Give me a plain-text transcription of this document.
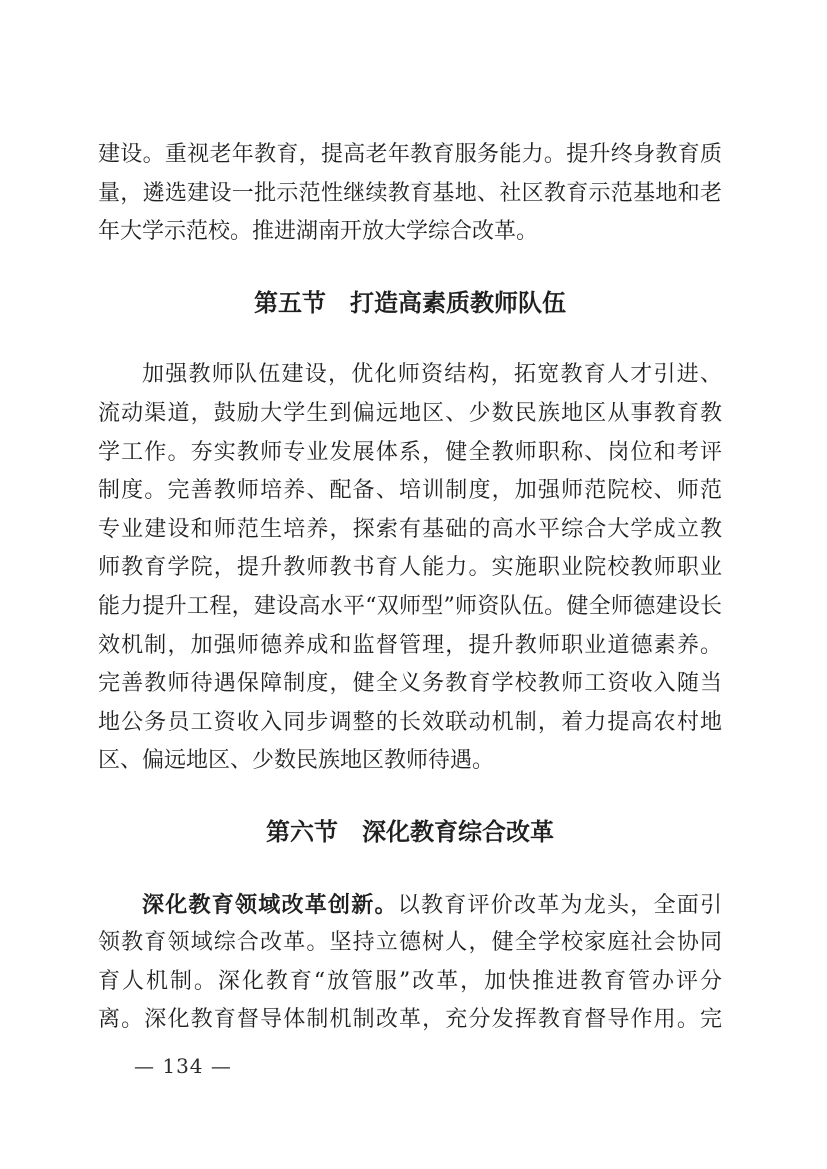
建设。重视老年教育，提高老年教育服务能力。提升终身教育质
量，遴选建设一批示范性继续教育基地、社区教育示范基地和老
年大学示范校。推进湖南开放大学综合改革。
第五节　打造高素质教师队伍
加强教师队伍建设，优化师资结构，拓宽教育人才引进、
流动渠道，鼓励大学生到偏远地区、少数民族地区从事教育教
学工作。夯实教师专业发展体系，健全教师职称、岗位和考评
制度。完善教师培养、配备、培训制度，加强师范院校、师范
专业建设和师范生培养，探索有基础的高水平综合大学成立教
师教育学院，提升教师教书育人能力。实施职业院校教师职业
能力提升工程，建设高水平“双师型”师资队伍。健全师德建设长
效机制，加强师德养成和监督管理，提升教师职业道德素养。
完善教师待遇保障制度，健全义务教育学校教师工资收入随当
地公务员工资收入同步调整的长效联动机制，着力提高农村地
区、偏远地区、少数民族地区教师待遇。
第六节　深化教育综合改革
深化教育领域改革创新。以教育评价改革为龙头，全面引
领教育领域综合改革。坚持立德树人，健全学校家庭社会协同
育人机制。深化教育“放管服”改革，加快推进教育管办评分
离。深化教育督导体制机制改革，充分发挥教育督导作用。完
— 134 —
